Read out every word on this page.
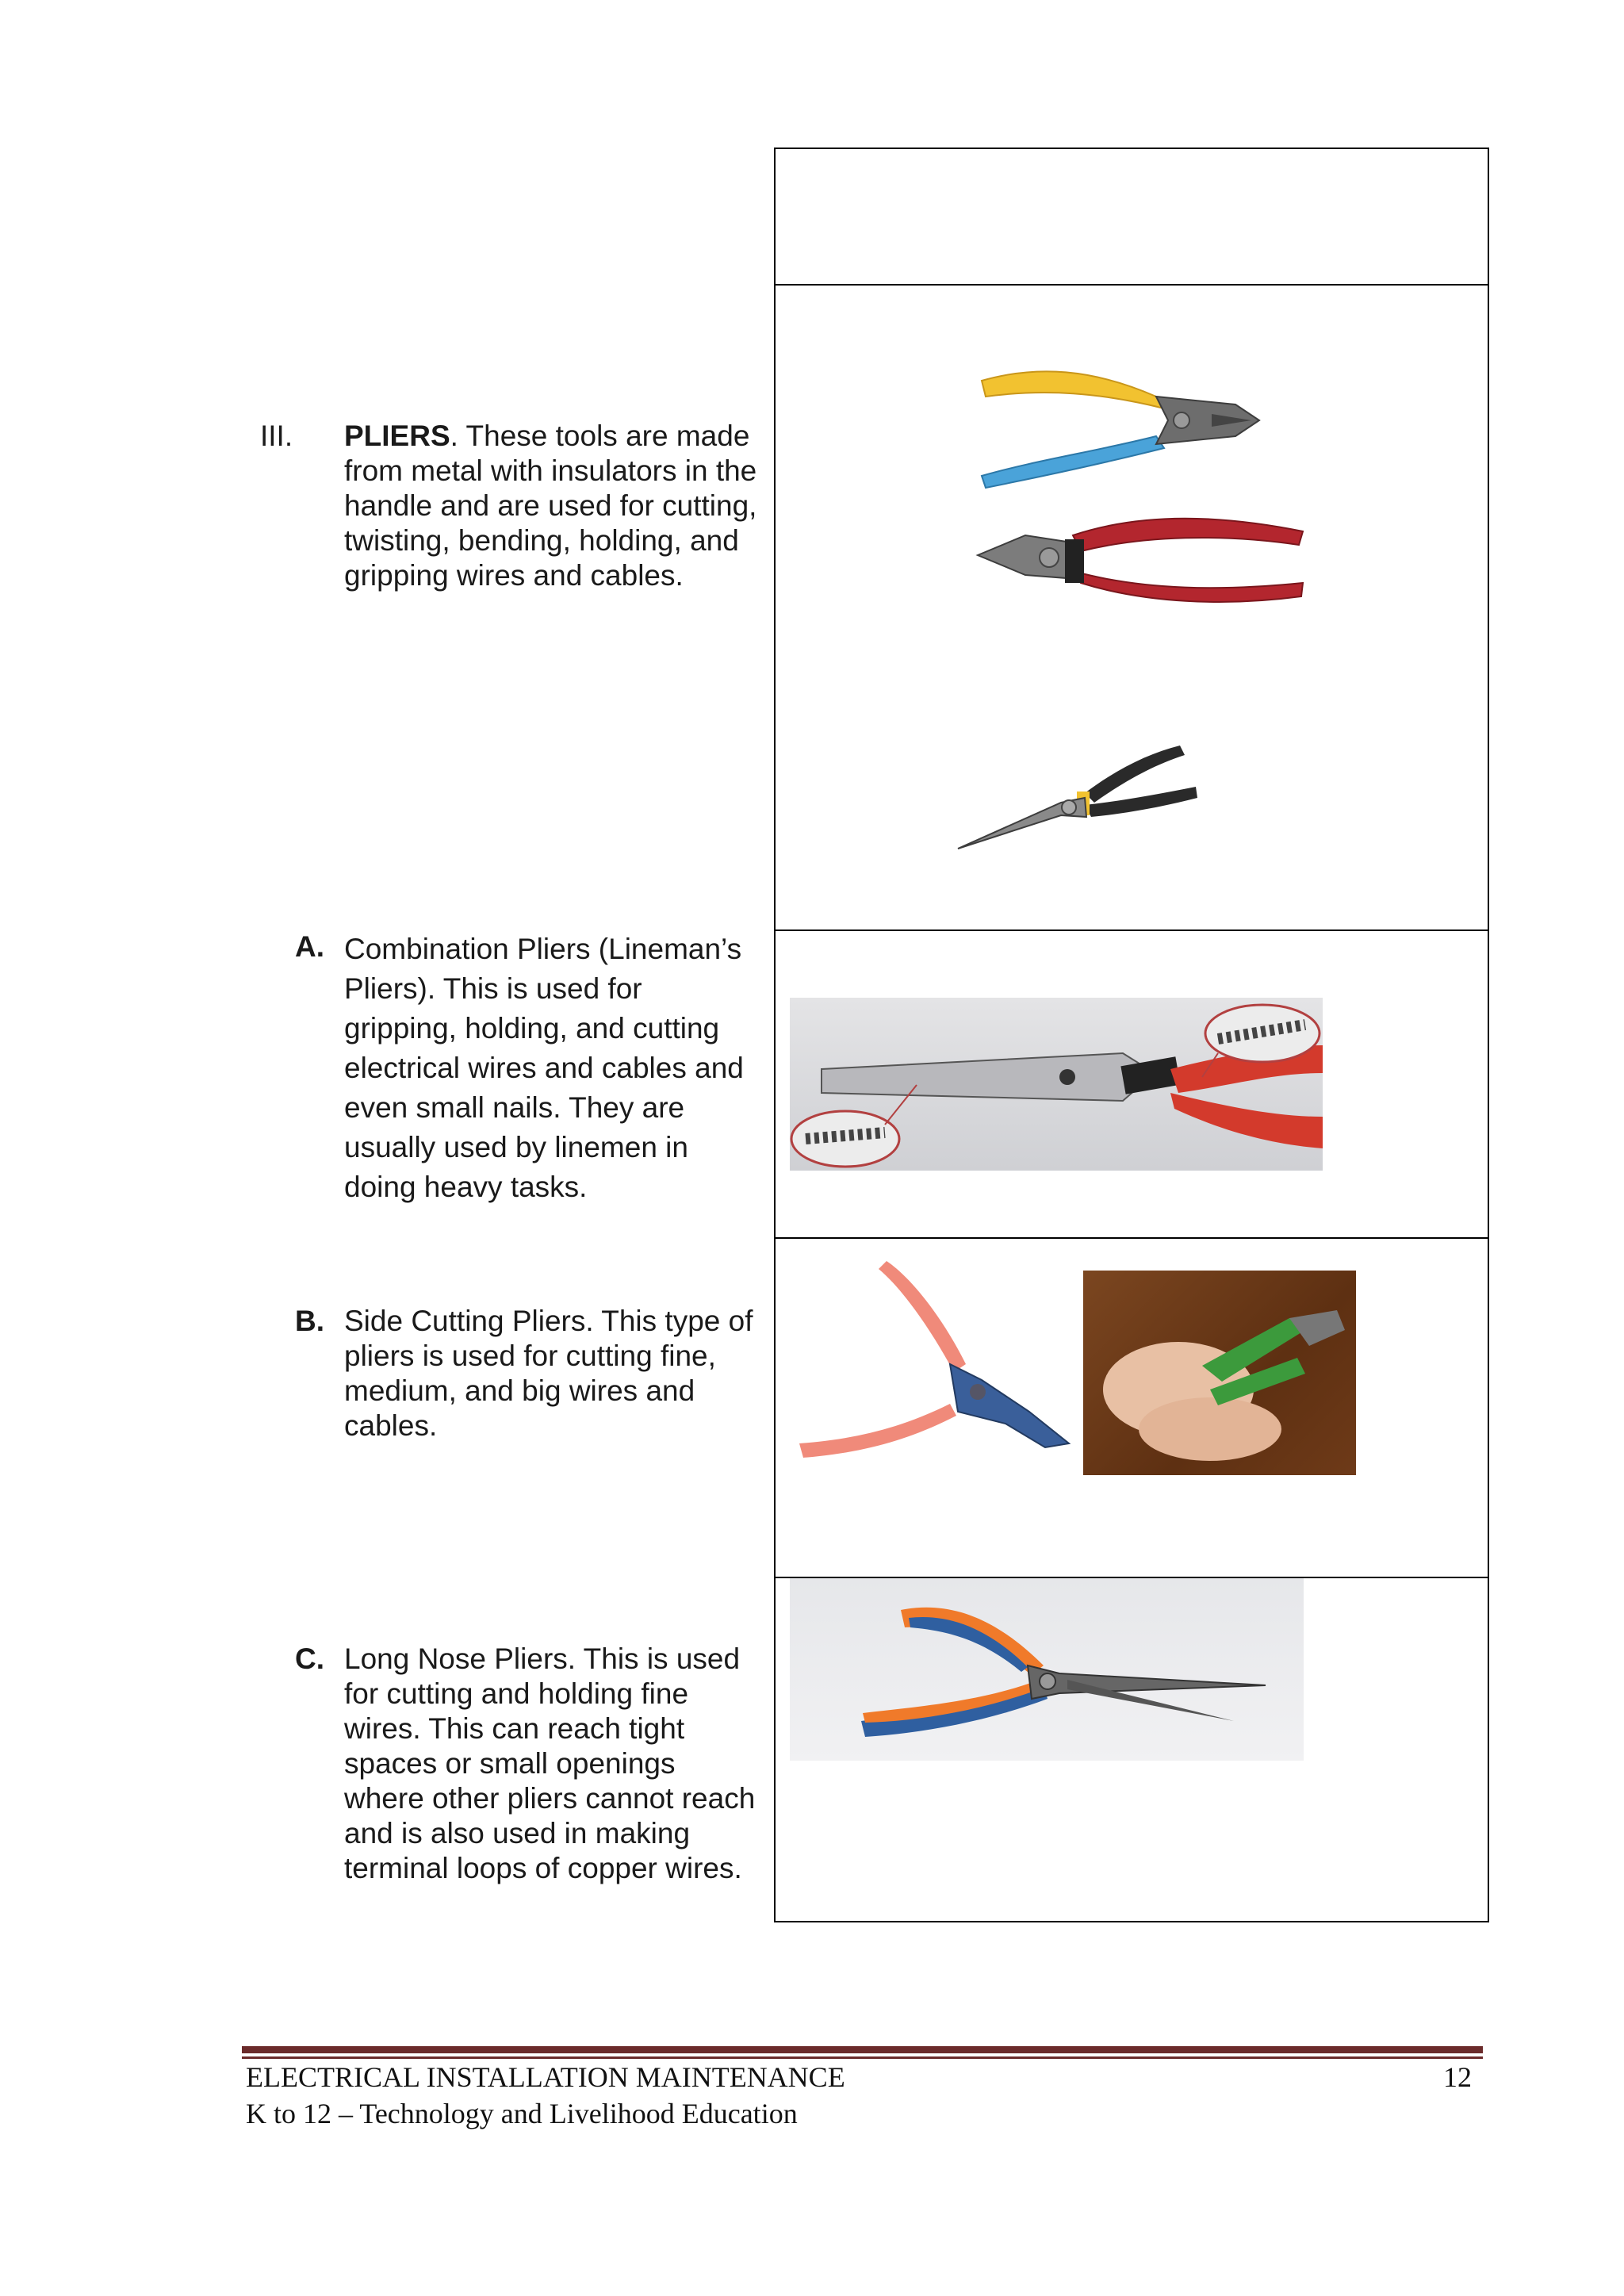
III. PLIERS. These tools are made from metal with insulators in the handle and are used for cutting, twisting, bending, holding, and gripping wires and cables.
A. Combination Pliers (Lineman’s Pliers). This is used for gripping, holding, and cutting electrical wires and cables and even small nails. They are usually used by linemen in doing heavy tasks.
B. Side Cutting Pliers. This type of pliers is used for cutting fine, medium, and big wires and cables.
C. Long Nose Pliers. This is used for cutting and holding fine wires. This can reach tight spaces or small openings where other pliers cannot reach and is also used in making terminal loops of copper wires.
ELECTRICAL INSTALLATION MAINTENANCE
K to 12 – Technology and Livelihood Education
12
